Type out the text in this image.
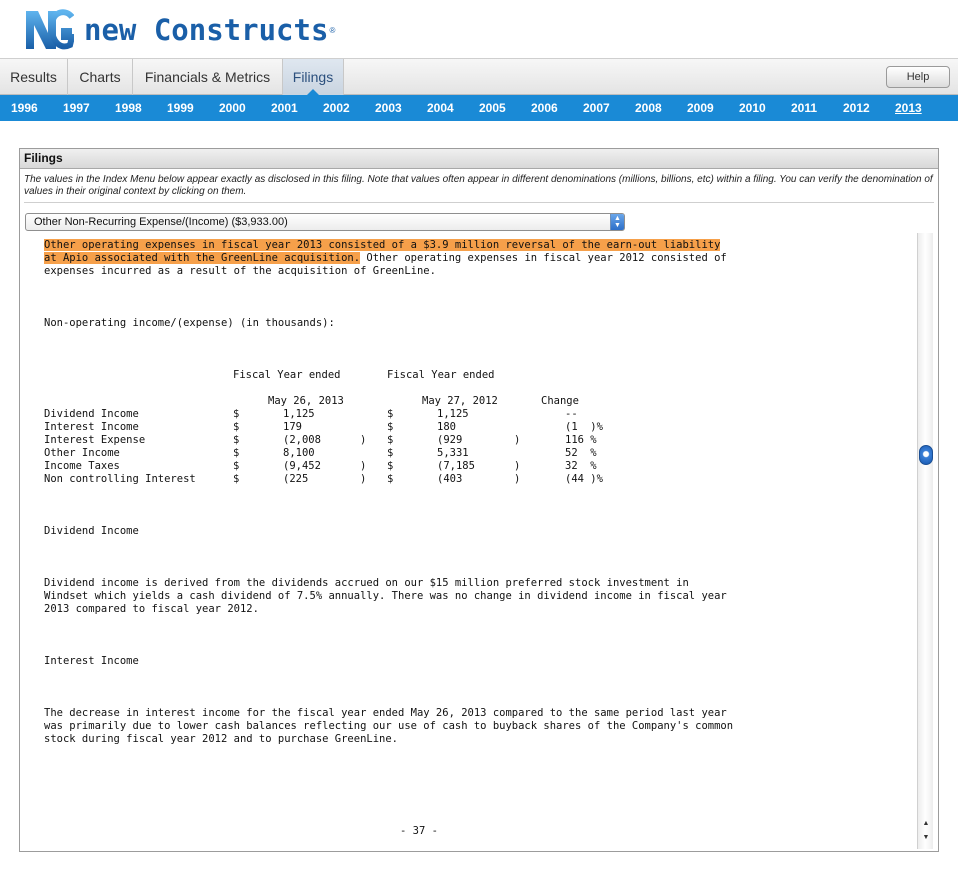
new Constructs ®
Results	Charts	Financials & Metrics	Filings	Help
1996 1997 1998 1999 2000 2001 2002 2003 2004 2005 2006 2007 2008 2009 2010 2011 2012 2013
Filings
The values in the Index Menu below appear exactly as disclosed in this filing. Note that values often appear in different denominations (millions, billions, etc) within a filing. You can verify the denomination of values in their original context by clicking on them.
Other Non-Recurring Expense/(Income) ($3,933.00)	▲
▼
Other operating expenses in fiscal year 2013 consisted of a $3.9 million reversal of the earn-out liability
at Apio associated with the GreenLine acquisition. Other operating expenses in fiscal year 2012 consisted of
expenses incurred as a result of the acquisition of GreenLine.
Non-operating income/(expense) (in thousands):
Fiscal Year ended	Fiscal Year ended
May 26, 2013	May 27, 2012	Change
Dividend Income	$	1,125	$	1,125	--
Interest Income	$	179	$	180	(1  )%
Interest Expense	$	(2,008	) $	(929	)	116 %
Other Income	$	8,100	$	5,331	52  %
Income Taxes	$	(9,452	) $	(7,185	)	32  %
Non controlling Interest	$	(225	) $	(403	)	(44 )%
Dividend Income
Dividend income is derived from the dividends accrued on our $15 million preferred stock investment in
Windset which yields a cash dividend of 7.5% annually. There was no change in dividend income in fiscal year
2013 compared to fiscal year 2012.
Interest Income
The decrease in interest income for the fiscal year ended May 26, 2013 compared to the same period last year
was primarily due to lower cash balances reflecting our use of cash to buyback shares of the Company's common
stock during fiscal year 2012 and to purchase GreenLine.
- 37 -
▲
▼
